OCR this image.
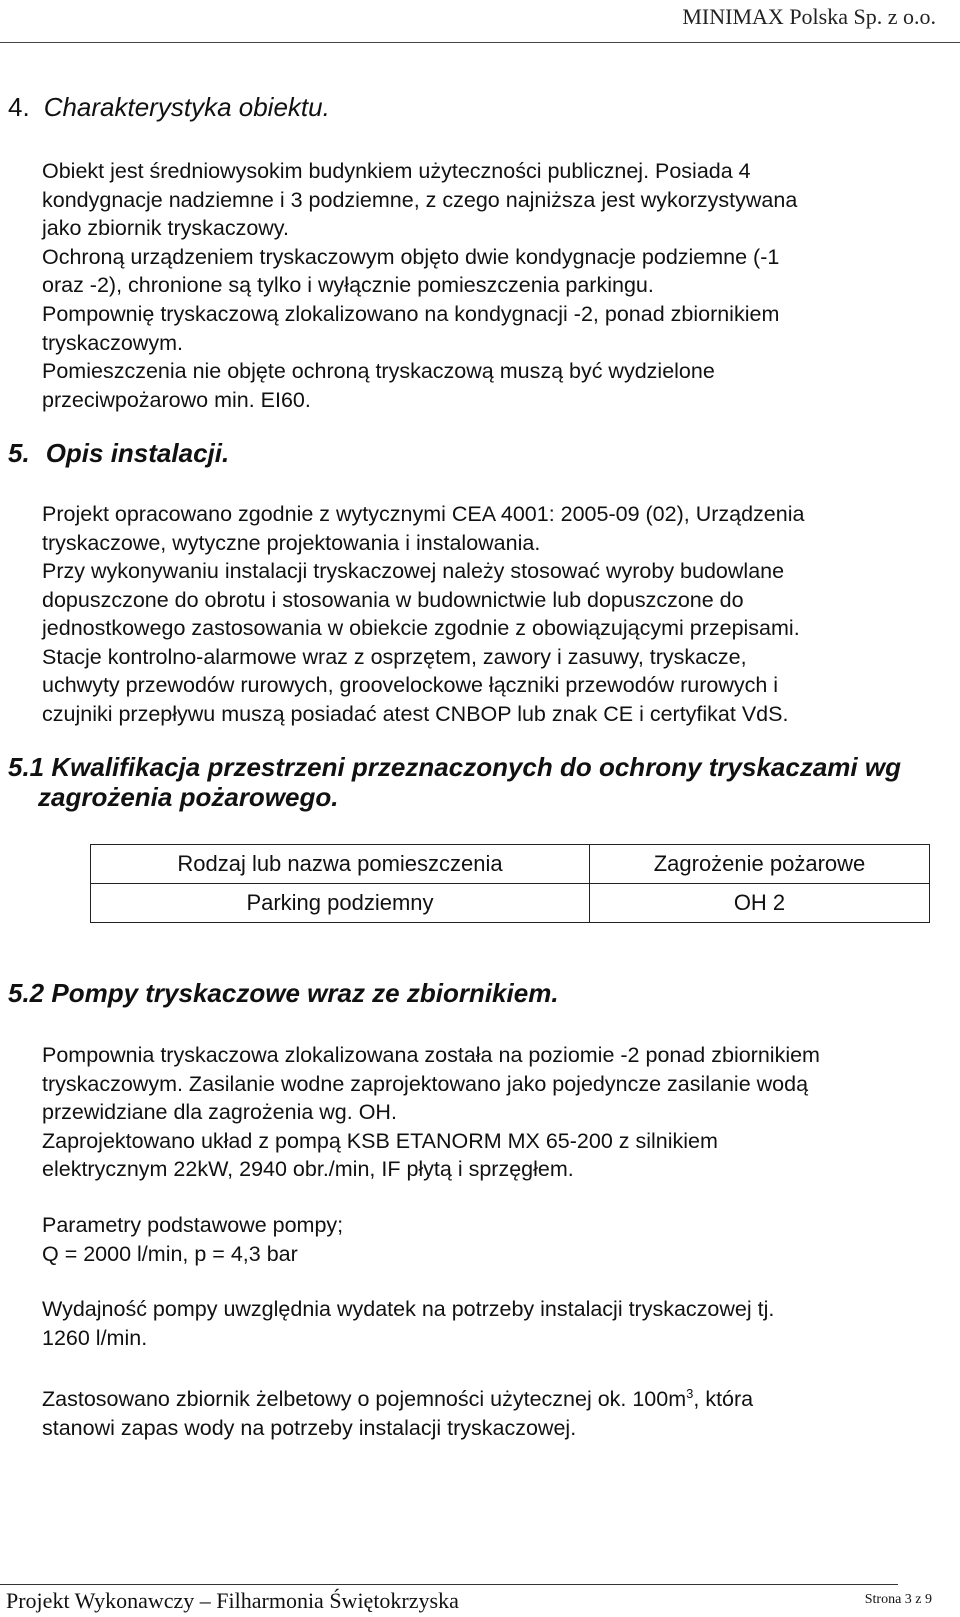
MINIMAX Polska Sp. z o.o.
4. Charakterystyka obiektu.
Obiekt jest średniowysokim budynkiem użyteczności publicznej. Posiada 4
kondygnacje nadziemne i 3 podziemne, z czego najniższa jest wykorzystywana
jako zbiornik tryskaczowy.
Ochroną urządzeniem tryskaczowym objęto dwie kondygnacje podziemne (-1
oraz -2), chronione są tylko i wyłącznie pomieszczenia parkingu.
Pompownię tryskaczową zlokalizowano na kondygnacji -2, ponad zbiornikiem
tryskaczowym.
Pomieszczenia nie objęte ochroną tryskaczową muszą być wydzielone
przeciwpożarowo min. EI60.
5. Opis instalacji.
Projekt opracowano zgodnie z wytycznymi CEA 4001: 2005-09 (02), Urządzenia
tryskaczowe, wytyczne projektowania i instalowania.
Przy wykonywaniu instalacji tryskaczowej należy stosować wyroby budowlane
dopuszczone do obrotu i stosowania w budownictwie lub dopuszczone do
jednostkowego zastosowania w obiekcie zgodnie z obowiązującymi przepisami.
Stacje kontrolno-alarmowe wraz z osprzętem, zawory i zasuwy, tryskacze,
uchwyty przewodów rurowych, groovelockowe łączniki przewodów rurowych i
czujniki przepływu muszą posiadać atest CNBOP lub znak CE i certyfikat VdS.
5.1 Kwalifikacja przestrzeni przeznaczonych do ochrony tryskaczami wg
zagrożenia pożarowego.
Rodzaj lub nazwa pomieszczenia	Zagrożenie pożarowe
Parking podziemny	OH 2
5.2 Pompy tryskaczowe wraz ze zbiornikiem.
Pompownia tryskaczowa zlokalizowana została na poziomie -2 ponad zbiornikiem
tryskaczowym. Zasilanie wodne zaprojektowano jako pojedyncze zasilanie wodą
przewidziane dla zagrożenia wg. OH.
Zaprojektowano układ z pompą KSB ETANORM MX 65-200 z silnikiem
elektrycznym 22kW, 2940 obr./min, IF płytą i sprzęgłem.
Parametry podstawowe pompy;
Q = 2000 l/min, p = 4,3 bar
Wydajność pompy uwzględnia wydatek na potrzeby instalacji tryskaczowej tj.
1260 l/min.
Zastosowano zbiornik żelbetowy o pojemności użytecznej ok. $100m^3$, która
stanowi zapas wody na potrzeby instalacji tryskaczowej.
Projekt Wykonawczy – Filharmonia Świętokrzyska	Strona 3 z 9
